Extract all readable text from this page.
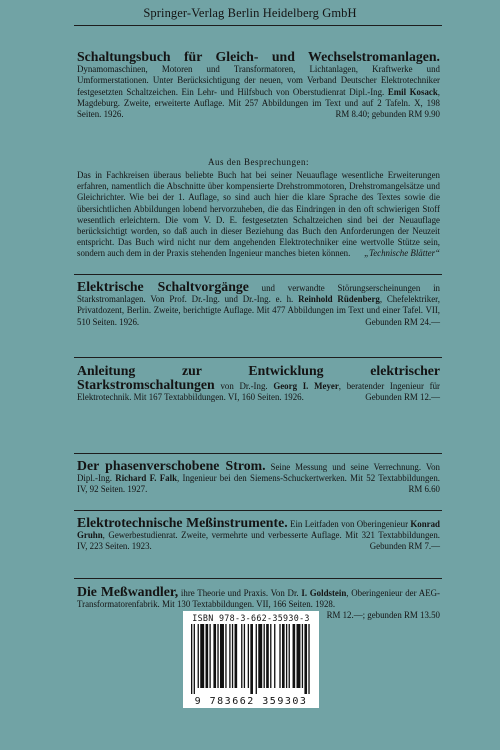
Springer-Verlag Berlin Heidelberg GmbH
Schaltungsbuch für Gleich- und Wechselstromanlagen. Dynamomaschinen, Motoren und Transformatoren, Lichtanlagen, Kraftwerke und Umformerstationen. Unter Berücksichtigung der neuen, vom Verband Deutscher Elektrotechniker festgesetzten Schaltzeichen. Ein Lehr- und Hilfsbuch von Oberstudienrat Dipl.-Ing. Emil Kosack, Magdeburg. Zweite, erweiterte Auflage. Mit 257 Abbildungen im Text und auf 2 Tafeln. X, 198 Seiten. 1926.	RM 8.40; gebunden RM 9.90
Aus den Besprechungen:
Das in Fachkreisen überaus beliebte Buch hat bei seiner Neuauflage wesentliche Erweiterungen erfahren, namentlich die Abschnitte über kompensierte Drehstrommotoren, Drehstromangelsätze und Gleichrichter. Wie bei der 1. Auflage, so sind auch hier die klare Sprache des Textes sowie die übersichtlichen Abbildungen lobend hervorzuheben, die das Eindringen in den oft schwierigen Stoff wesentlich erleichtern. Die vom V. D. E. festgesetzten Schaltzeichen sind bei der Neuauflage berücksichtigt worden, so daß auch in dieser Beziehung das Buch den Anforderungen der Neuzeit entspricht. Das Buch wird nicht nur dem angehenden Elektrotechniker eine wertvolle Stütze sein, sondern auch dem in der Praxis stehenden Ingenieur manches bieten können. „Technische Blätter“
Elektrische Schaltvorgänge und verwandte Störungserscheinungen in Starkstromanlagen. Von Prof. Dr.-Ing. und Dr.-Ing. e. h. Reinhold Rüdenberg, Chefelektriker, Privatdozent, Berlin. Zweite, berichtigte Auflage. Mit 477 Abbildungen im Text und einer Tafel. VII, 510 Seiten. 1926.	Gebunden RM 24.—
Anleitung zur Entwicklung elektrischer Starkstromschaltungen von Dr.-Ing. Georg I. Meyer, beratender Ingenieur für Elektrotechnik. Mit 167 Textabbildungen. VI, 160 Seiten. 1926.	Gebunden RM 12.—
Der phasenverschobene Strom. Seine Messung und seine Verrechnung. Von Dipl.-Ing. Richard F. Falk, Ingenieur bei den Siemens-Schuckertwerken. Mit 52 Textabbildungen. IV, 92 Seiten. 1927.	RM 6.60
Elektrotechnische Meßinstrumente. Ein Leitfaden von Oberingenieur Konrad Gruhn, Gewerbestudienrat. Zweite, vermehrte und verbesserte Auflage. Mit 321 Textabbildungen. IV, 223 Seiten. 1923.	Gebunden RM 7.—
Die Meßwandler, ihre Theorie und Praxis. Von Dr. I. Goldstein, Oberingenieur der AEG-Transformatorenfabrik. Mit 130 Textabbildungen. VII, 166 Seiten. 1928.
RM 12.—; gebunden RM 13.50
ISBN 978-3-662-35930-3
9 783662 359303
